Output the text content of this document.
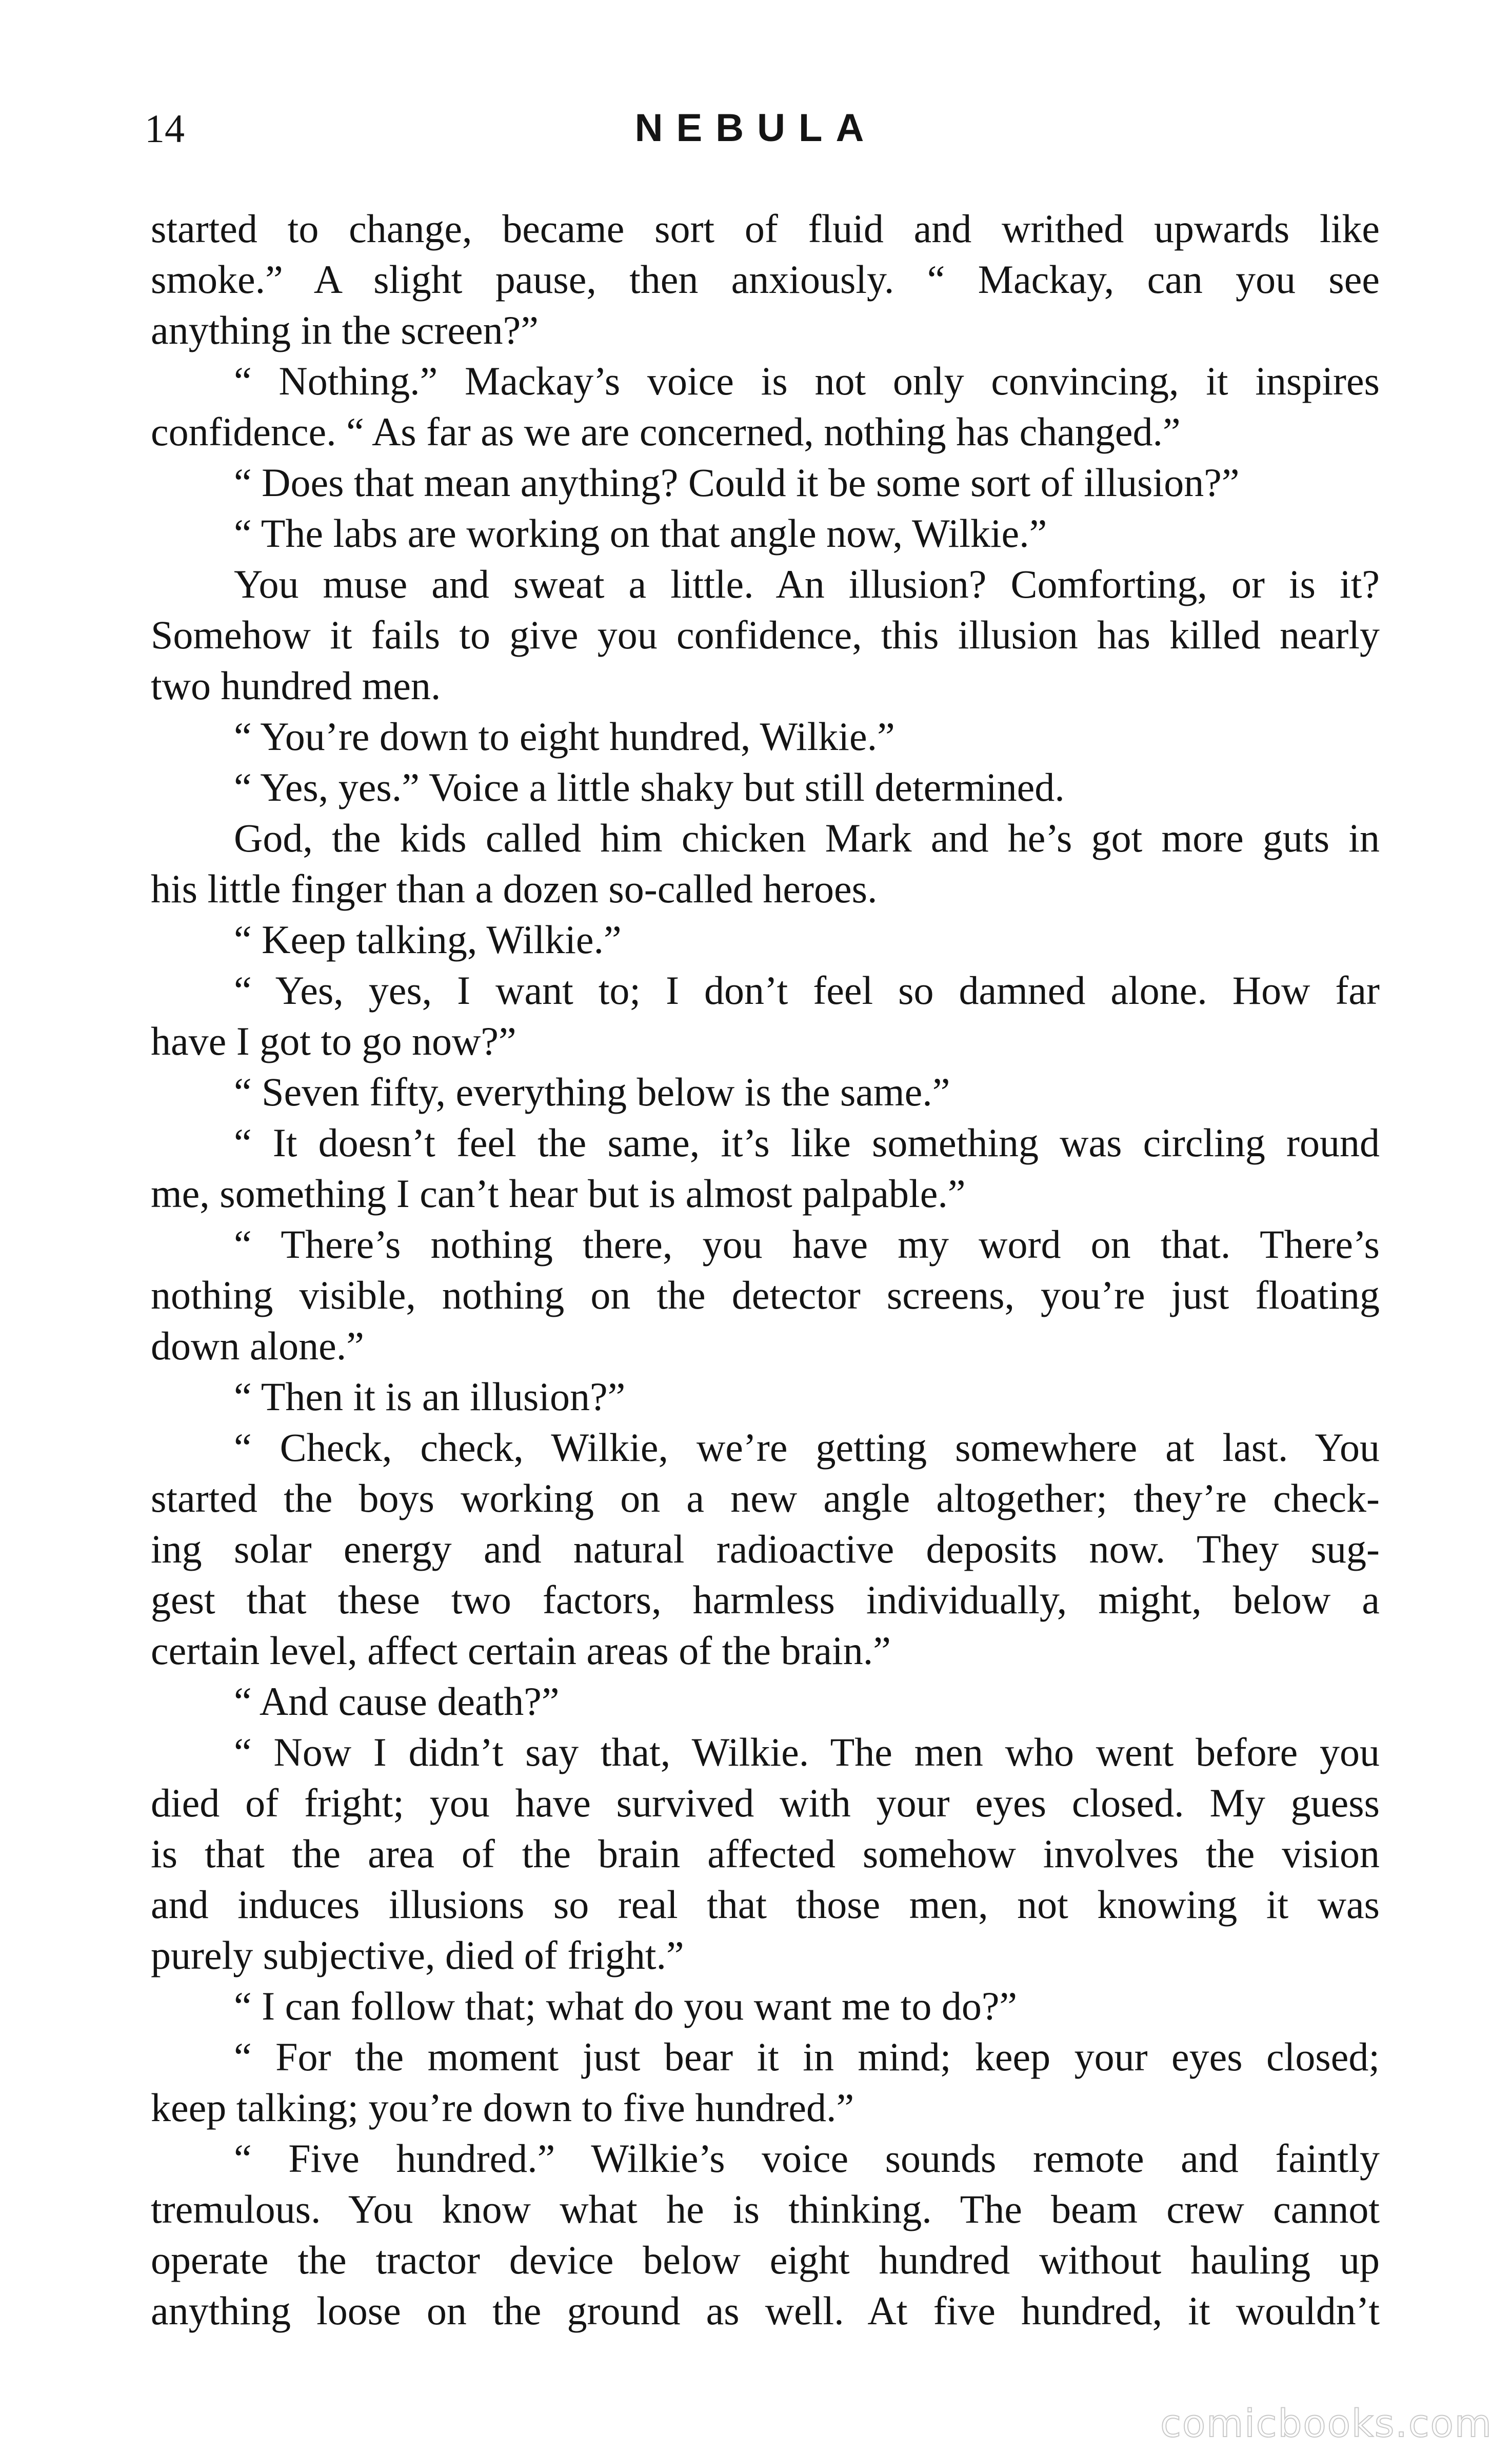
14	NEBULA
started to change, became sort of fluid and writhed upwards like
smoke.” A slight pause, then anxiously. “ Mackay, can you see
anything in the screen?”
“ Nothing.” Mackay’s voice is not only convincing, it inspires
confidence. “ As far as we are concerned, nothing has changed.”
“ Does that mean anything? Could it be some sort of illusion?”
“ The labs are working on that angle now, Wilkie.”
You muse and sweat a little. An illusion? Comforting, or is it?
Somehow it fails to give you confidence, this illusion has killed nearly
two hundred men.
“ You’re down to eight hundred, Wilkie.”
“ Yes, yes.” Voice a little shaky but still determined.
God, the kids called him chicken Mark and he’s got more guts in
his little finger than a dozen so-called heroes.
“ Keep talking, Wilkie.”
“ Yes, yes, I want to; I don’t feel so damned alone. How far
have I got to go now?”
“ Seven fifty, everything below is the same.”
“ It doesn’t feel the same, it’s like something was circling round
me, something I can’t hear but is almost palpable.”
“ There’s nothing there, you have my word on that. There’s
nothing visible, nothing on the detector screens, you’re just floating
down alone.”
“ Then it is an illusion?”
“ Check, check, Wilkie, we’re getting somewhere at last. You
started the boys working on a new angle altogether; they’re check-
ing solar energy and natural radioactive deposits now. They sug-
gest that these two factors, harmless individually, might, below a
certain level, affect certain areas of the brain.”
“ And cause death?”
“ Now I didn’t say that, Wilkie. The men who went before you
died of fright; you have survived with your eyes closed. My guess
is that the area of the brain affected somehow involves the vision
and induces illusions so real that those men, not knowing it was
purely subjective, died of fright.”
“ I can follow that; what do you want me to do?”
“ For the moment just bear it in mind; keep your eyes closed;
keep talking; you’re down to five hundred.”
“ Five hundred.” Wilkie’s voice sounds remote and faintly
tremulous. You know what he is thinking. The beam crew cannot
operate the tractor device below eight hundred without hauling up
anything loose on the ground as well. At five hundred, it wouldn’t
comicbooks.com
